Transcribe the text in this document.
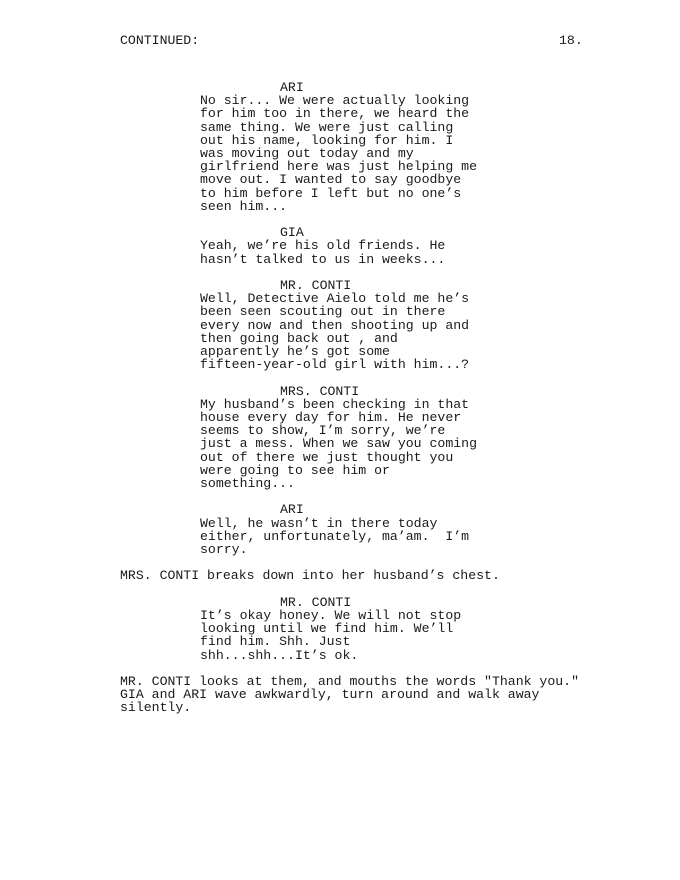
CONTINUED:	18.
ARI
No sir... We were actually looking
for him too in there, we heard the
same thing. We were just calling
out his name, looking for him. I
was moving out today and my
girlfriend here was just helping me
move out. I wanted to say goodbye
to him before I left but no one’s
seen him...
GIA
Yeah, we’re his old friends. He
hasn’t talked to us in weeks...
MR. CONTI
Well, Detective Aielo told me he’s
been seen scouting out in there
every now and then shooting up and
then going back out , and
apparently he’s got some
fifteen-year-old girl with him...?
MRS. CONTI
My husband’s been checking in that
house every day for him. He never
seems to show, I’m sorry, we’re
just a mess. When we saw you coming
out of there we just thought you
were going to see him or
something...
ARI
Well, he wasn’t in there today
either, unfortunately, ma’am.  I’m
sorry.
MRS. CONTI breaks down into her husband’s chest.
MR. CONTI
It’s okay honey. We will not stop
looking until we find him. We’ll
find him. Shh. Just
shh...shh...It’s ok.
MR. CONTI looks at them, and mouths the words "Thank you."
GIA and ARI wave awkwardly, turn around and walk away
silently.
